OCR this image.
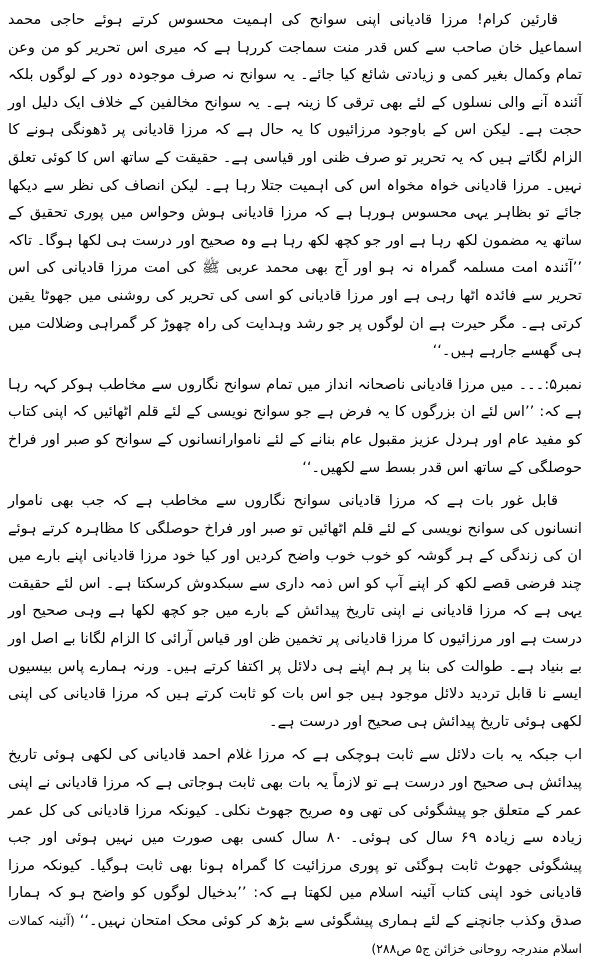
قارئین کرام! مرزا قادیانی اپنی سوانح کی اہمیت محسوس کرتے ہوئے حاجی محمد اسماعیل خان صاحب سے کس قدر منت سماجت کررہا ہے کہ میری اس تحریر کو من وعن تمام وکمال بغیر کمی و زیادتی شائع کیا جائے۔ یہ سوانح نہ صرف موجودہ دور کے لوگوں بلکہ آئندہ آنے والی نسلوں کے لئے بھی ترقی کا زینہ ہے۔ یہ سوانح مخالفین کے خلاف ایک دلیل اور حجت ہے۔ لیکن اس کے باوجود مرزائیوں کا یہ حال ہے کہ مرزا قادیانی پر ڈھونگی ہونے کا الزام لگاتے ہیں کہ یہ تحریر تو صرف ظنی اور قیاسی ہے۔ حقیقت کے ساتھ اس کا کوئی تعلق نہیں۔ مرزا قادیانی خواہ مخواہ اس کی اہمیت جتلا رہا ہے۔ لیکن انصاف کی نظر سے دیکھا جائے تو بظاہر یہی محسوس ہورہا ہے کہ مرزا قادیانی ہوش وحواس میں پوری تحقیق کے ساتھ یہ مضمون لکھ رہا ہے اور جو کچھ لکھ رہا ہے وہ صحیح اور درست ہی لکھا ہوگا۔ تاکہ ’’آئندہ امت مسلمہ گمراہ نہ ہو اور آج بھی محمد عربی ﷺ کی امت مرزا قادیانی کی اس تحریر سے فائدہ اٹھا رہی ہے اور مرزا قادیانی کو اسی کی تحریر کی روشنی میں جھوٹا یقین کرتی ہے۔ مگر حیرت ہے ان لوگوں پر جو رشد وہدایت کی راہ چھوڑ کر گمراہی وضلالت میں ہی گھسے جارہے ہیں۔‘‘

نمبر۵:۔۔۔ میں مرزا قادیانی ناصحانہ انداز میں تمام سوانح نگاروں سے مخاطب ہوکر کہہ رہا ہے کہ: ’’اس لئے ان بزرگوں کا یہ فرض ہے جو سوانح نویسی کے لئے قلم اٹھائیں کہ اپنی کتاب کو مفید عام اور ہردل عزیز مقبول عام بنانے کے لئے ناموارانسانوں کے سوانح کو صبر اور فراخ حوصلگی کے ساتھ اس قدر بسط سے لکھیں۔‘‘

قابل غور بات ہے کہ مرزا قادیانی سوانح نگاروں سے مخاطب ہے کہ جب بھی ناموار انسانوں کی سوانح نویسی کے لئے قلم اٹھائیں تو صبر اور فراخ حوصلگی کا مظاہرہ کرتے ہوئے ان کی زندگی کے ہر گوشہ کو خوب خوب واضح کردیں اور کیا خود مرزا قادیانی اپنے بارے میں چند فرضی قصے لکھ کر اپنے آپ کو اس ذمہ داری سے سبکدوش کرسکتا ہے۔ اس لئے حقیقت یہی ہے کہ مرزا قادیانی نے اپنی تاریخ پیدائش کے بارے میں جو کچھ لکھا ہے وہی صحیح اور درست ہے اور مرزائیوں کا مرزا قادیانی پر تخمین ظن اور قیاس آرائی کا الزام لگانا بے اصل اور بے بنیاد ہے۔ طوالت کی بنا پر ہم اپنے ہی دلائل پر اکتفا کرتے ہیں۔ ورنہ ہمارے پاس بیسیوں ایسے نا قابل تردید دلائل موجود ہیں جو اس بات کو ثابت کرتے ہیں کہ مرزا قادیانی کی اپنی لکھی ہوئی تاریخ پیدائش ہی صحیح اور درست ہے۔

اب جبکہ یہ بات دلائل سے ثابت ہوچکی ہے کہ مرزا غلام احمد قادیانی کی لکھی ہوئی تاریخ پیدائش ہی صحیح اور درست ہے تو لازماً یہ بات بھی ثابت ہوجاتی ہے کہ مرزا قادیانی نے اپنی عمر کے متعلق جو پیشگوئی کی تھی وہ صریح جھوٹ نکلی۔ کیونکہ مرزا قادیانی کی کل عمر زیادہ سے زیادہ ۶۹ سال کی ہوئی۔ ۸۰ سال کسی بھی صورت میں نہیں ہوئی اور جب پیشگوئی جھوٹ ثابت ہوگئی تو پوری مرزائیت کا گمراہ ہونا بھی ثابت ہوگیا۔ کیونکہ مرزا قادیانی خود اپنی کتاب آئینہ اسلام میں لکھتا ہے کہ: ’’بدخیال لوگوں کو واضح ہو کہ ہمارا صدق وکذب جانچنے کے لئے ہماری پیشگوئی سے بڑھ کر کوئی محک امتحان نہیں۔‘‘ (آئینہ کمالات اسلام مندرجہ روحانی خزائن ج۵ ص۲۸۸)
